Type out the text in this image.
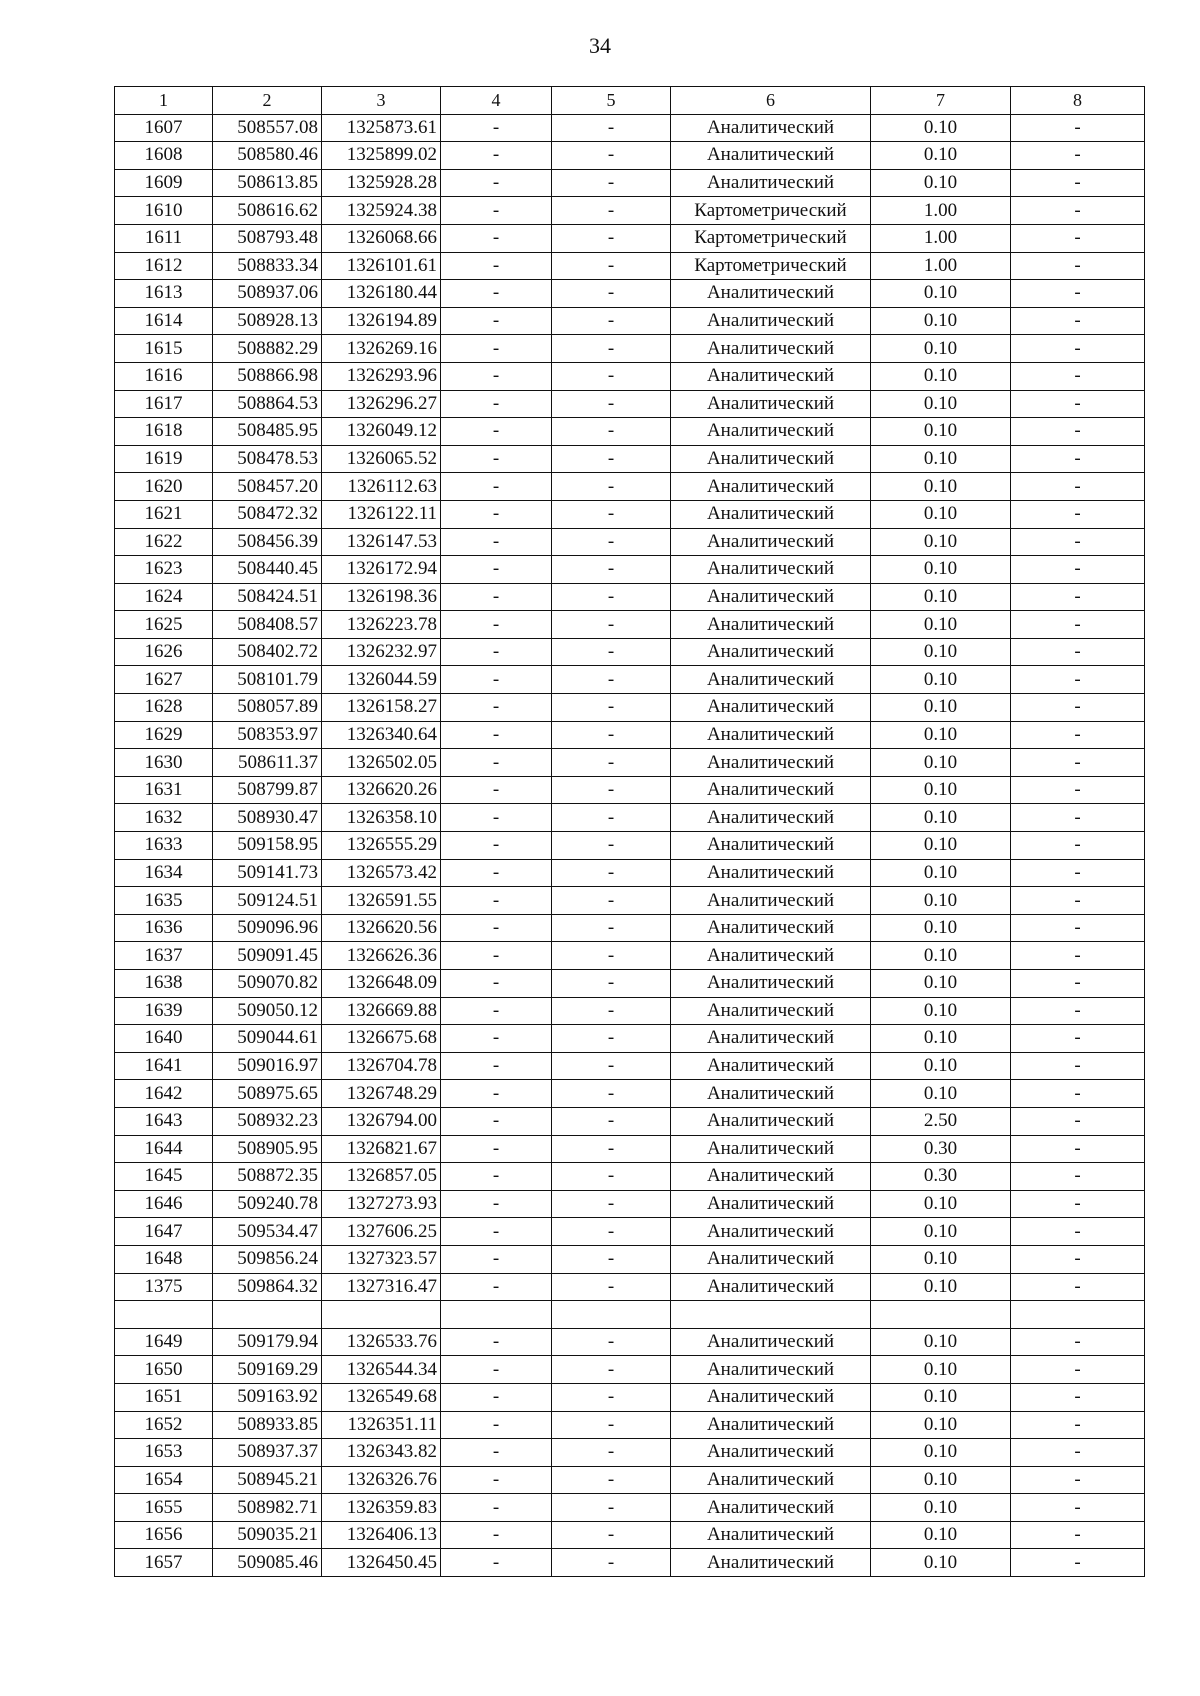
34
1	2	3	4	5	6	7	8
1607	508557.08	1325873.61	-	-	Аналитический	0.10	-
1608	508580.46	1325899.02	-	-	Аналитический	0.10	-
1609	508613.85	1325928.28	-	-	Аналитический	0.10	-
1610	508616.62	1325924.38	-	-	Картометрический	1.00	-
1611	508793.48	1326068.66	-	-	Картометрический	1.00	-
1612	508833.34	1326101.61	-	-	Картометрический	1.00	-
1613	508937.06	1326180.44	-	-	Аналитический	0.10	-
1614	508928.13	1326194.89	-	-	Аналитический	0.10	-
1615	508882.29	1326269.16	-	-	Аналитический	0.10	-
1616	508866.98	1326293.96	-	-	Аналитический	0.10	-
1617	508864.53	1326296.27	-	-	Аналитический	0.10	-
1618	508485.95	1326049.12	-	-	Аналитический	0.10	-
1619	508478.53	1326065.52	-	-	Аналитический	0.10	-
1620	508457.20	1326112.63	-	-	Аналитический	0.10	-
1621	508472.32	1326122.11	-	-	Аналитический	0.10	-
1622	508456.39	1326147.53	-	-	Аналитический	0.10	-
1623	508440.45	1326172.94	-	-	Аналитический	0.10	-
1624	508424.51	1326198.36	-	-	Аналитический	0.10	-
1625	508408.57	1326223.78	-	-	Аналитический	0.10	-
1626	508402.72	1326232.97	-	-	Аналитический	0.10	-
1627	508101.79	1326044.59	-	-	Аналитический	0.10	-
1628	508057.89	1326158.27	-	-	Аналитический	0.10	-
1629	508353.97	1326340.64	-	-	Аналитический	0.10	-
1630	508611.37	1326502.05	-	-	Аналитический	0.10	-
1631	508799.87	1326620.26	-	-	Аналитический	0.10	-
1632	508930.47	1326358.10	-	-	Аналитический	0.10	-
1633	509158.95	1326555.29	-	-	Аналитический	0.10	-
1634	509141.73	1326573.42	-	-	Аналитический	0.10	-
1635	509124.51	1326591.55	-	-	Аналитический	0.10	-
1636	509096.96	1326620.56	-	-	Аналитический	0.10	-
1637	509091.45	1326626.36	-	-	Аналитический	0.10	-
1638	509070.82	1326648.09	-	-	Аналитический	0.10	-
1639	509050.12	1326669.88	-	-	Аналитический	0.10	-
1640	509044.61	1326675.68	-	-	Аналитический	0.10	-
1641	509016.97	1326704.78	-	-	Аналитический	0.10	-
1642	508975.65	1326748.29	-	-	Аналитический	0.10	-
1643	508932.23	1326794.00	-	-	Аналитический	2.50	-
1644	508905.95	1326821.67	-	-	Аналитический	0.30	-
1645	508872.35	1326857.05	-	-	Аналитический	0.30	-
1646	509240.78	1327273.93	-	-	Аналитический	0.10	-
1647	509534.47	1327606.25	-	-	Аналитический	0.10	-
1648	509856.24	1327323.57	-	-	Аналитический	0.10	-
1375	509864.32	1327316.47	-	-	Аналитический	0.10	-

1649	509179.94	1326533.76	-	-	Аналитический	0.10	-
1650	509169.29	1326544.34	-	-	Аналитический	0.10	-
1651	509163.92	1326549.68	-	-	Аналитический	0.10	-
1652	508933.85	1326351.11	-	-	Аналитический	0.10	-
1653	508937.37	1326343.82	-	-	Аналитический	0.10	-
1654	508945.21	1326326.76	-	-	Аналитический	0.10	-
1655	508982.71	1326359.83	-	-	Аналитический	0.10	-
1656	509035.21	1326406.13	-	-	Аналитический	0.10	-
1657	509085.46	1326450.45	-	-	Аналитический	0.10	-
